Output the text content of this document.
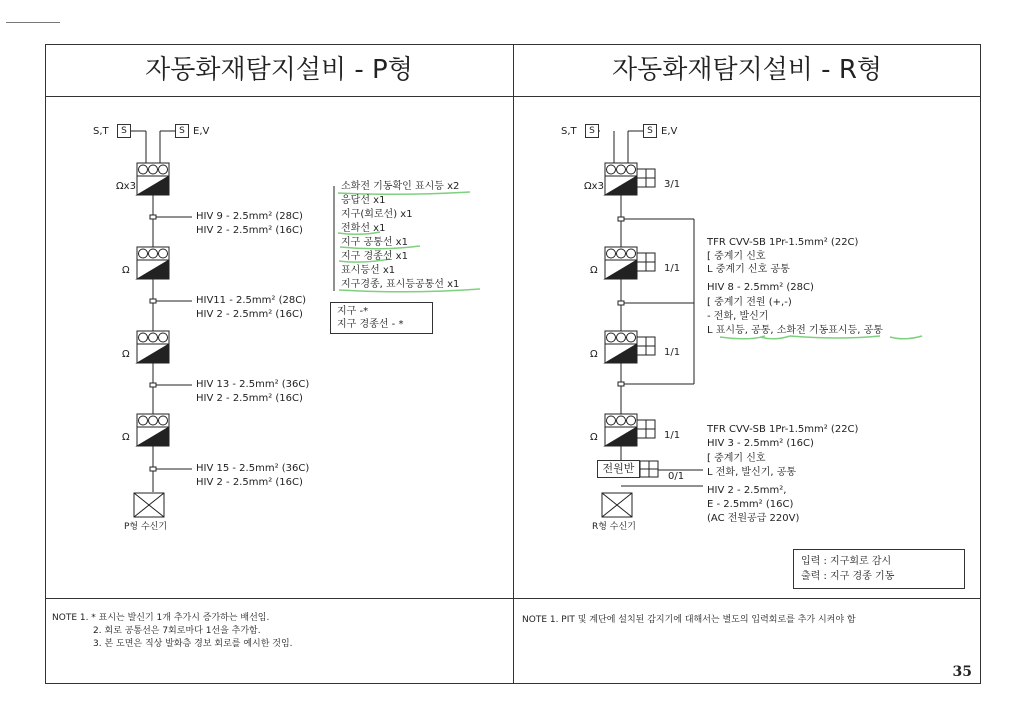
자동화재탐지설비 - P형	자동화재탐지설비 - R형
S,T	S	S E,V
Ωx3
Ω
Ω
Ω
HIV 9 - 2.5mm² (28C)
HIV 2 - 2.5mm² (16C)
HIV11 - 2.5mm² (28C)
HIV 2 - 2.5mm² (16C)
HIV 13 - 2.5mm² (36C)
HIV 2 - 2.5mm² (16C)
HIV 15 - 2.5mm² (36C)
HIV 2 - 2.5mm² (16C)
소화전 기동확인 표시등 x2
응답선 x1
지구(회로선) x1
전화선 x1
지구 공통선 x1
지구 경종선 x1
표시등선 x1
지구경종, 표시등공통선 x1
지구 -*
지구 경종선 - *
P형 수신기
S,T	S	S E,V
Ωx3
Ω
Ω
Ω
3/1
1/1
1/1
1/1
0/1
전원반
TFR CVV-SB 1Pr-1.5mm² (22C)
[ 중계기 신호
L 중계기 신호 공통
HIV 8 - 2.5mm² (28C)
[ 중계기 전원 (+,-)
- 전화, 발신기
L 표시등, 공통, 소화전 기동표시등, 공통
TFR CVV-SB 1Pr-1.5mm² (22C)
HIV 3 - 2.5mm² (16C)
[ 중계기 신호
L 전화, 발신기, 공통
HIV 2 - 2.5mm²,
E - 2.5mm² (16C)
(AC 전원공급 220V)
입력 : 지구회로 감시
출력 : 지구 경종 기동
R형 수신기
NOTE 1. * 표시는 발신기 1개 추가시 증가하는 배선임.
2. 회로 공통선은 7회로마다 1선을 추가함.
3. 본 도면은 직상 발화층 경보 회로를 예시한 것임.
NOTE 1. PIT 및 계단에 설치된 감지기에 대해서는 별도의 입력회로를 추가 시켜야 함
35
